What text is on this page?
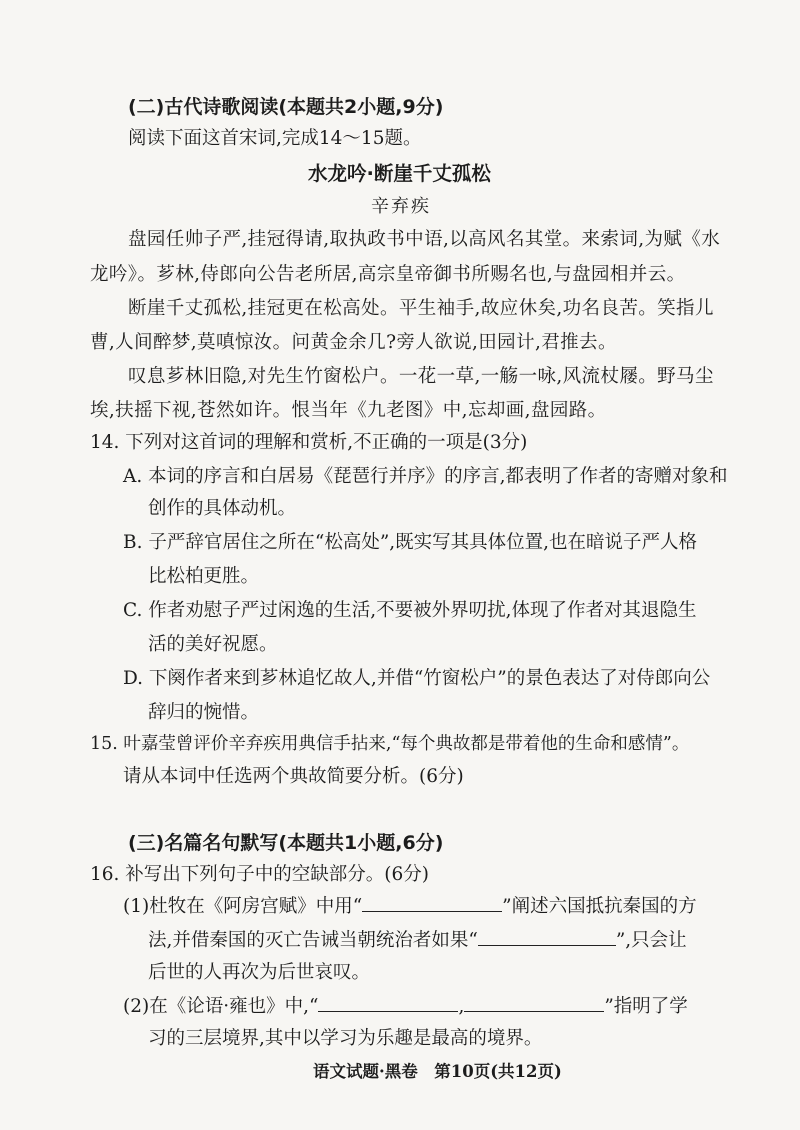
(二)古代诗歌阅读(本题共2小题,9分)
阅读下面这首宋词,完成14～15题。
水龙吟·断崖千丈孤松
辛弃疾
盘园任帅子严,挂冠得请,取执政书中语,以高风名其堂。来索词,为赋《水
龙吟》。芗林,侍郎向公告老所居,高宗皇帝御书所赐名也,与盘园相并云。
断崖千丈孤松,挂冠更在松高处。平生袖手,故应休矣,功名良苦。笑指儿
曹,人间醉梦,莫嗔惊汝。问黄金余几?旁人欲说,田园计,君推去。
叹息芗林旧隐,对先生竹窗松户。一花一草,一觞一咏,风流杖屦。野马尘
埃,扶摇下视,苍然如许。恨当年《九老图》中,忘却画,盘园路。
14. 下列对这首词的理解和赏析,不正确的一项是(3分)
A. 本词的序言和白居易《琵琶行并序》的序言,都表明了作者的寄赠对象和
创作的具体动机。
B. 子严辞官居住之所在“松高处”,既实写其具体位置,也在暗说子严人格
比松柏更胜。
C. 作者劝慰子严过闲逸的生活,不要被外界叨扰,体现了作者对其退隐生
活的美好祝愿。
D. 下阕作者来到芗林追忆故人,并借“竹窗松户”的景色表达了对侍郎向公
辞归的惋惜。
15. 叶嘉莹曾评价辛弃疾用典信手拈来,“每个典故都是带着他的生命和感情”。
请从本词中任选两个典故简要分析。(6分)
(三)名篇名句默写(本题共1小题,6分)
16. 补写出下列句子中的空缺部分。(6分)
(1)杜牧在《阿房宫赋》中用“	”阐述六国抵抗秦国的方
法,并借秦国的灭亡告诫当朝统治者如果“	”,只会让
后世的人再次为后世哀叹。
(2)在《论语·雍也》中,“	,	”指明了学
习的三层境界,其中以学习为乐趣是最高的境界。
语文试题·黑卷　第10页(共12页)
